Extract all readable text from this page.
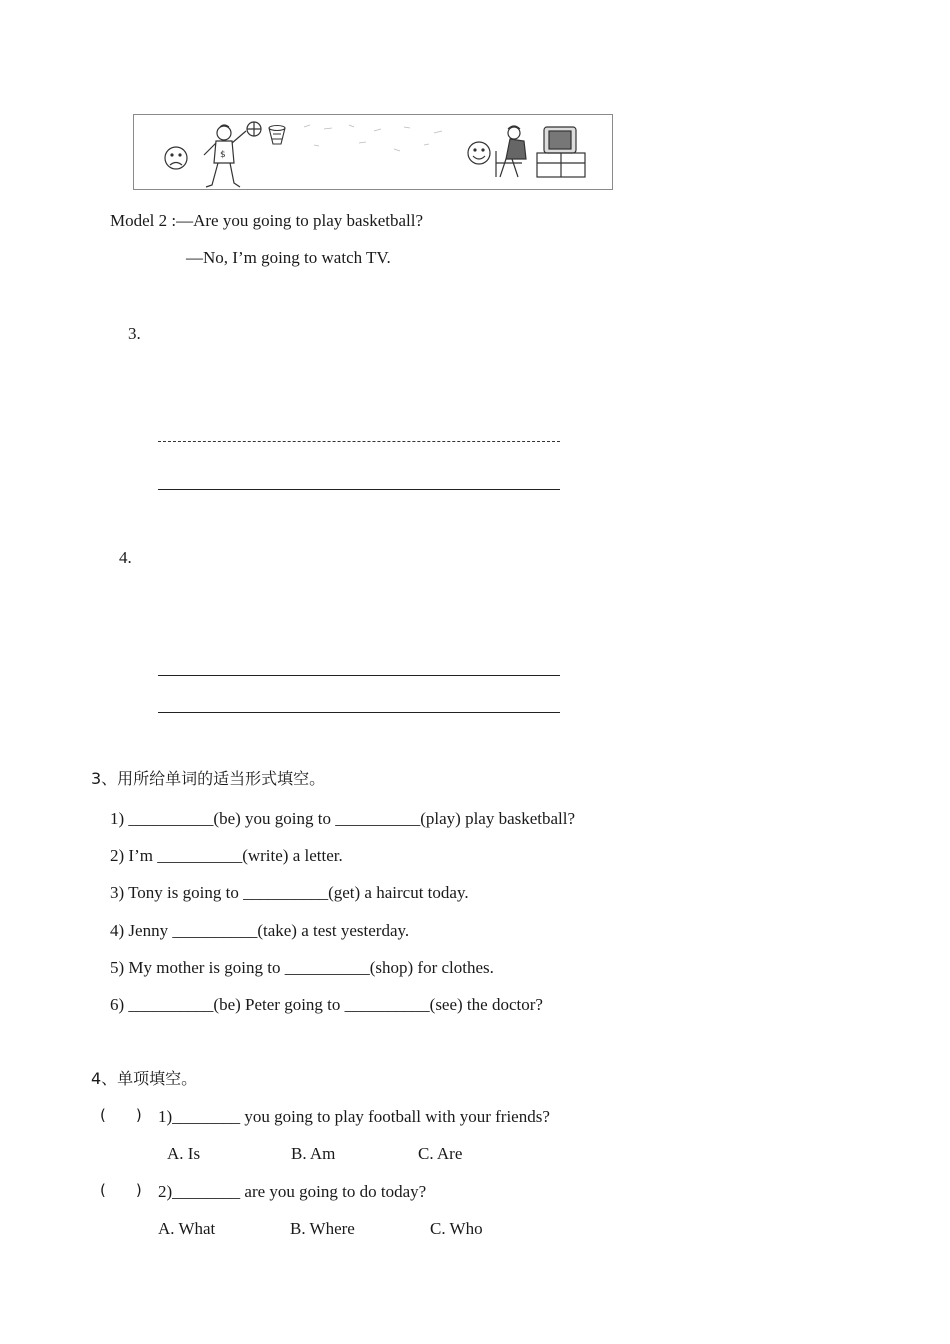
$
Model 2 :—Are you going to play basketball?
—No, I’m going to watch TV.
3.
4.
3、用所给单词的适当形式填空。
1) __________(be) you going to __________(play) play basketball?
2) I’m __________(write) a letter.
3) Tony is going to __________(get) a haircut today.
4) Jenny __________(take) a test yesterday.
5) My mother is going to __________(shop) for clothes.
6) __________(be) Peter going to __________(see) the doctor?
4、单项填空。
(　　) 1)________ you going to play football with your friends?
A. Is	B. Am	C. Are
(　　) 2)________ are you going to do today?
A. What	B. Where	C. Who
